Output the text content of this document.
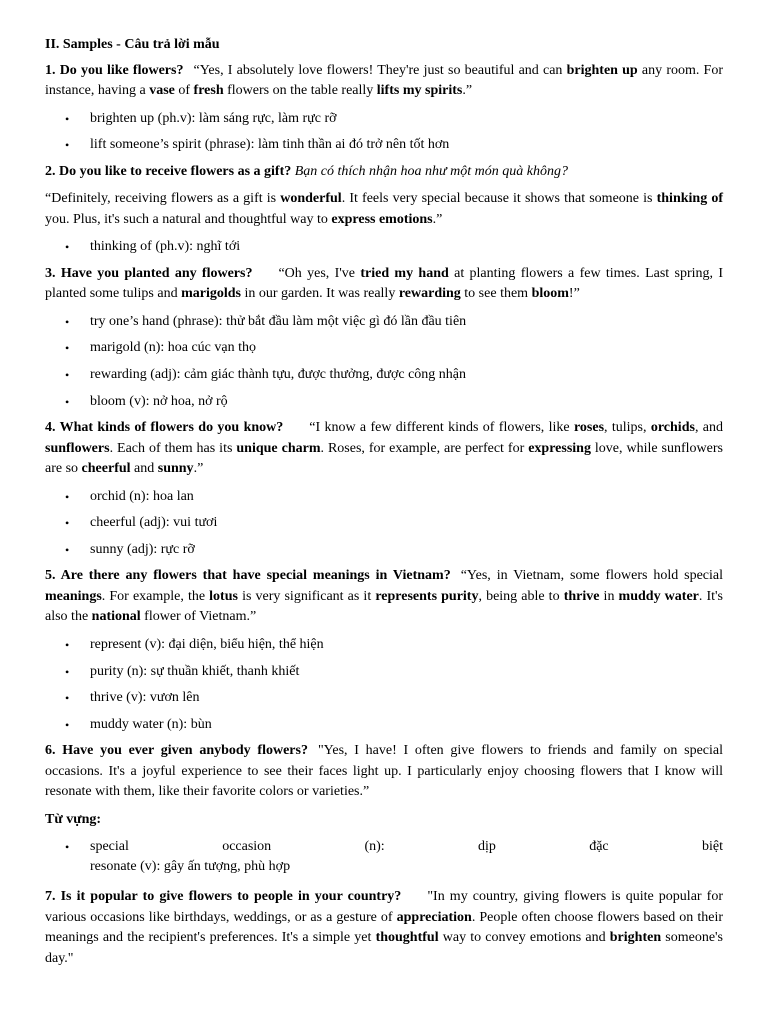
II. Samples - Câu trả lời mẫu

1. Do you like flowers? “Yes, I absolutely love flowers! They're just so beautiful and can brighten up any room. For instance, having a vase of fresh flowers on the table really lifts my spirits.”

• brighten up (ph.v): làm sáng rực, làm rực rỡ
• lift someone’s spirit (phrase): làm tinh thần ai đó trở nên tốt hơn

2. Do you like to receive flowers as a gift? Bạn có thích nhận hoa như một món quà không?

“Definitely, receiving flowers as a gift is wonderful. It feels very special because it shows that someone is thinking of you. Plus, it's such a natural and thoughtful way to express emotions.”

• thinking of (ph.v): nghĩ tới

3. Have you planted any flowers? “Oh yes, I've tried my hand at planting flowers a few times. Last spring, I planted some tulips and marigolds in our garden. It was really rewarding to see them bloom!”

• try one’s hand (phrase): thử bắt đầu làm một việc gì đó lần đầu tiên
• marigold (n): hoa cúc vạn thọ
• rewarding (adj): cảm giác thành tựu, được thưởng, được công nhận
• bloom (v): nở hoa, nở rộ

4. What kinds of flowers do you know? “I know a few different kinds of flowers, like roses, tulips, orchids, and sunflowers. Each of them has its unique charm. Roses, for example, are perfect for expressing love, while sunflowers are so cheerful and sunny.”

• orchid (n): hoa lan
• cheerful (adj): vui tươi
• sunny (adj): rực rỡ

5. Are there any flowers that have special meanings in Vietnam? “Yes, in Vietnam, some flowers hold special meanings. For example, the lotus is very significant as it represents purity, being able to thrive in muddy water. It's also the national flower of Vietnam.”

• represent (v): đại diện, biểu hiện, thể hiện
• purity (n): sự thuần khiết, thanh khiết
• thrive (v): vươn lên
• muddy water (n): bùn

6. Have you ever given anybody flowers? "Yes, I have! I often give flowers to friends and family on special occasions. It's a joyful experience to see their faces light up. I particularly enjoy choosing flowers that I know will resonate with them, like their favorite colors or varieties.”

Từ vựng:

• special	occasion	(n):	dịp	đặc	biệt
resonate (v): gây ấn tượng, phù hợp

7. Is it popular to give flowers to people in your country? "In my country, giving flowers is quite popular for various occasions like birthdays, weddings, or as a gesture of appreciation. People often choose flowers based on their meanings and the recipient's preferences. It's a simple yet thoughtful way to convey emotions and brighten someone's day."
